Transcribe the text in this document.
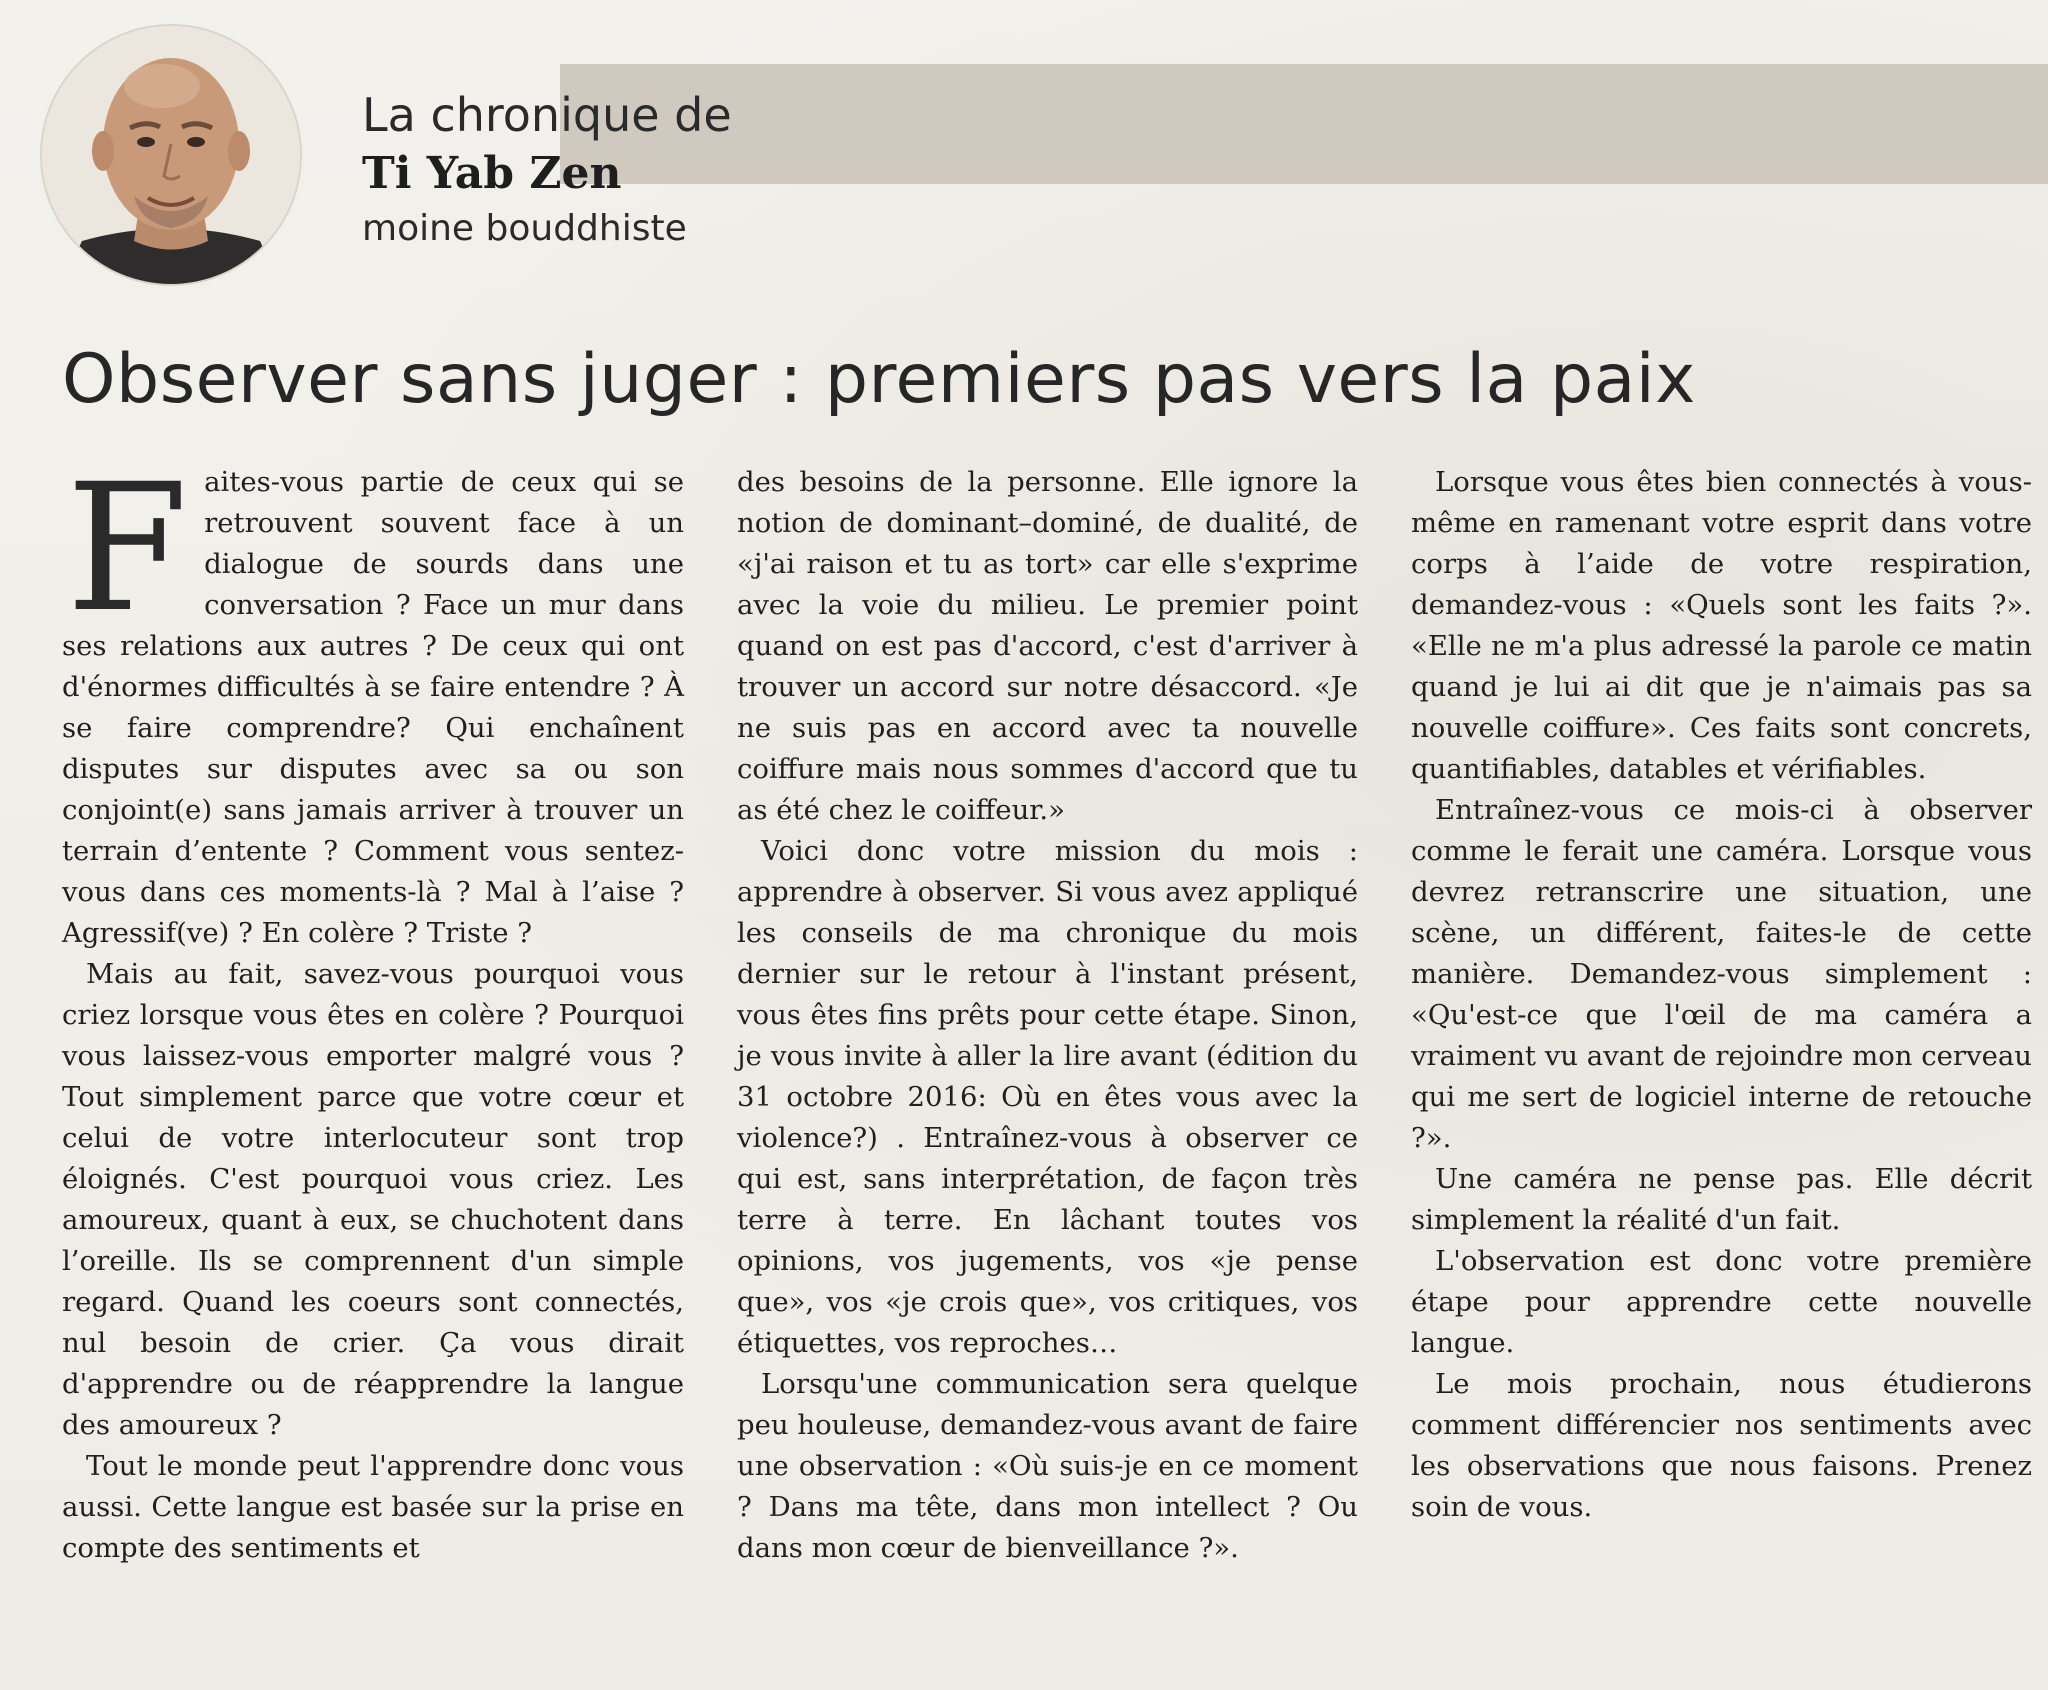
La chronique de
Ti Yab Zen
moine bouddhiste
Observer sans juger : premiers pas vers la paix
F aites-vous partie de ceux qui se retrouvent souvent face à un dialogue de sourds dans une conversation ? Face un mur dans ses relations aux autres ? De ceux qui ont d'énormes difficultés à se faire entendre ? À se faire comprendre? Qui enchaînent disputes sur disputes avec sa ou son conjoint(e) sans jamais arriver à trouver un terrain d’entente ? Comment vous sentez-vous dans ces moments-là ? Mal à l’aise ? Agressif(ve) ? En colère ? Triste ?

Mais au fait, savez-vous pourquoi vous criez lorsque vous êtes en colère ? Pourquoi vous laissez-vous emporter malgré vous ? Tout simplement parce que votre cœur et celui de votre interlocuteur sont trop éloignés. C'est pourquoi vous criez. Les amoureux, quant à eux, se chuchotent dans l’oreille. Ils se comprennent d'un simple regard. Quand les coeurs sont connectés, nul besoin de crier. Ça vous dirait d'apprendre ou de réapprendre la langue des amoureux ?

Tout le monde peut l'apprendre donc vous aussi. Cette langue est basée sur la prise en compte des sentiments et

des besoins de la personne. Elle ignore la notion de dominant–dominé, de dualité, de «j'ai raison et tu as tort» car elle s'exprime avec la voie du milieu. Le premier point quand on est pas d'accord, c'est d'arriver à trouver un accord sur notre désaccord. «Je ne suis pas en accord avec ta nouvelle coiffure mais nous sommes d'accord que tu as été chez le coiffeur.»

Voici donc votre mission du mois : apprendre à observer. Si vous avez appliqué les conseils de ma chronique du mois dernier sur le retour à l'instant présent, vous êtes fins prêts pour cette étape. Sinon, je vous invite à aller la lire avant (édition du 31 octobre 2016: Où en êtes vous avec la violence?) . Entraînez-vous à observer ce qui est, sans interprétation, de façon très terre à terre. En lâchant toutes vos opinions, vos jugements, vos «je pense que», vos «je crois que», vos critiques, vos étiquettes, vos reproches…

Lorsqu'une communication sera quelque peu houleuse, demandez-vous avant de faire une observation : «Où suis-je en ce moment ? Dans ma tête, dans mon intellect ? Ou dans mon cœur de bienveillance ?».

Lorsque vous êtes bien connectés à vous-même en ramenant votre esprit dans votre corps à l’aide de votre respiration, demandez-vous : «Quels sont les faits ?». «Elle ne m'a plus adressé la parole ce matin quand je lui ai dit que je n'aimais pas sa nouvelle coiffure». Ces faits sont concrets, quantifiables, datables et vérifiables.

Entraînez-vous ce mois-ci à observer comme le ferait une caméra. Lorsque vous devrez retranscrire une situation, une scène, un différent, faites-le de cette manière. Demandez-vous simplement : «Qu'est-ce que l'œil de ma caméra a vraiment vu avant de rejoindre mon cerveau qui me sert de logiciel interne de retouche ?».

Une caméra ne pense pas. Elle décrit simplement la réalité d'un fait.

L'observation est donc votre première étape pour apprendre cette nouvelle langue.

Le mois prochain, nous étudierons comment différencier nos sentiments avec les observations que nous faisons. Prenez soin de vous.
